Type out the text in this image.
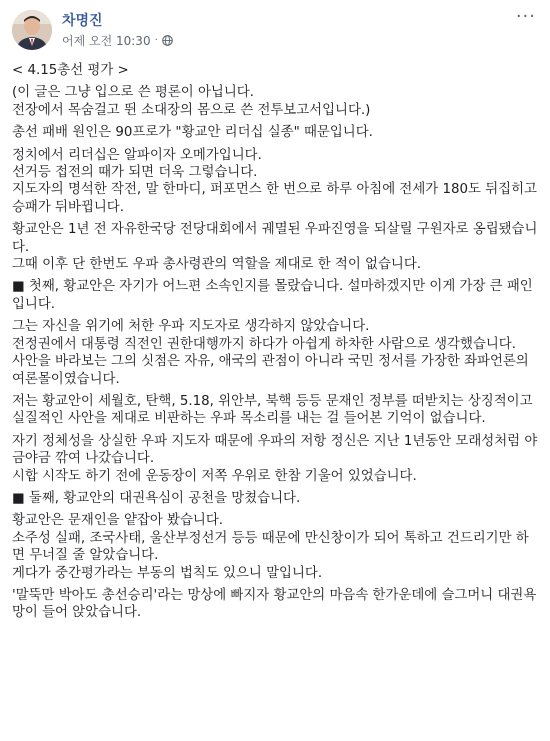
차명진
어제 오전 10:30 ·
···

< 4.15총선 평가 >

(이 글은 그냥 입으로 쓴 평론이 아닙니다.
전장에서 목숨걸고 뛴 소대장의 몸으로 쓴 전투보고서입니다.)

총선 패배 원인은 90프로가 "황교안 리더십 실종" 때문입니다.

정치에서 리더십은 알파이자 오메가입니다.
선거등 접전의 때가 되면 더욱 그렇습니다.
지도자의 명석한 작전, 말 한마디, 퍼포먼스 한 번으로 하루 아침에 전세가 180도 뒤집히고 승패가 뒤바뀝니다.

황교안은 1년 전 자유한국당 전당대회에서 궤멸된 우파진영을 되살릴 구원자로 옹립됐습니다.
그때 이후 단 한번도 우파 총사령관의 역할을 제대로 한 적이 없습니다.

■ 첫째, 황교안은 자기가 어느편 소속인지를 몰랐습니다. 설마하겠지만 이게 가장 큰 패인입니다.

그는 자신을 위기에 처한 우파 지도자로 생각하지 않았습니다.
전정권에서 대통령 직전인 권한대행까지 하다가 아쉽게 하차한 사람으로 생각했습니다.
사안을 바라보는 그의 싯점은 자유, 애국의 관점이 아니라 국민 정서를 가장한 좌파언론의 여론몰이였습니다.

저는 황교안이 세월호, 탄핵, 5.18, 위안부, 북핵 등등 문재인 정부를 떠받치는 상징적이고 실질적인 사안을 제대로 비판하는 우파 목소리를 내는 걸 들어본 기억이 없습니다.

자기 정체성을 상실한 우파 지도자 때문에 우파의 저항 정신은 지난 1년동안 모래성처럼 야금야금 깎여 나갔습니다.
시합 시작도 하기 전에 운동장이 저쪽 우위로 한참 기울어 있었습니다.

■ 둘째, 황교안의 대권욕심이 공천을 망쳤습니다.

황교안은 문재인을 얕잡아 봤습니다.
소주성 실패, 조국사태, 울산부정선거 등등 때문에 만신창이가 되어 톡하고 건드리기만 하면 무너질 줄 알았습니다.
게다가 중간평가라는 부동의 법칙도 있으니 말입니다.

'말뚝만 박아도 총선승리'라는 망상에 빠지자 황교안의 마음속 한가운데에 슬그머니 대권욕망이 들어 앉았습니다.
